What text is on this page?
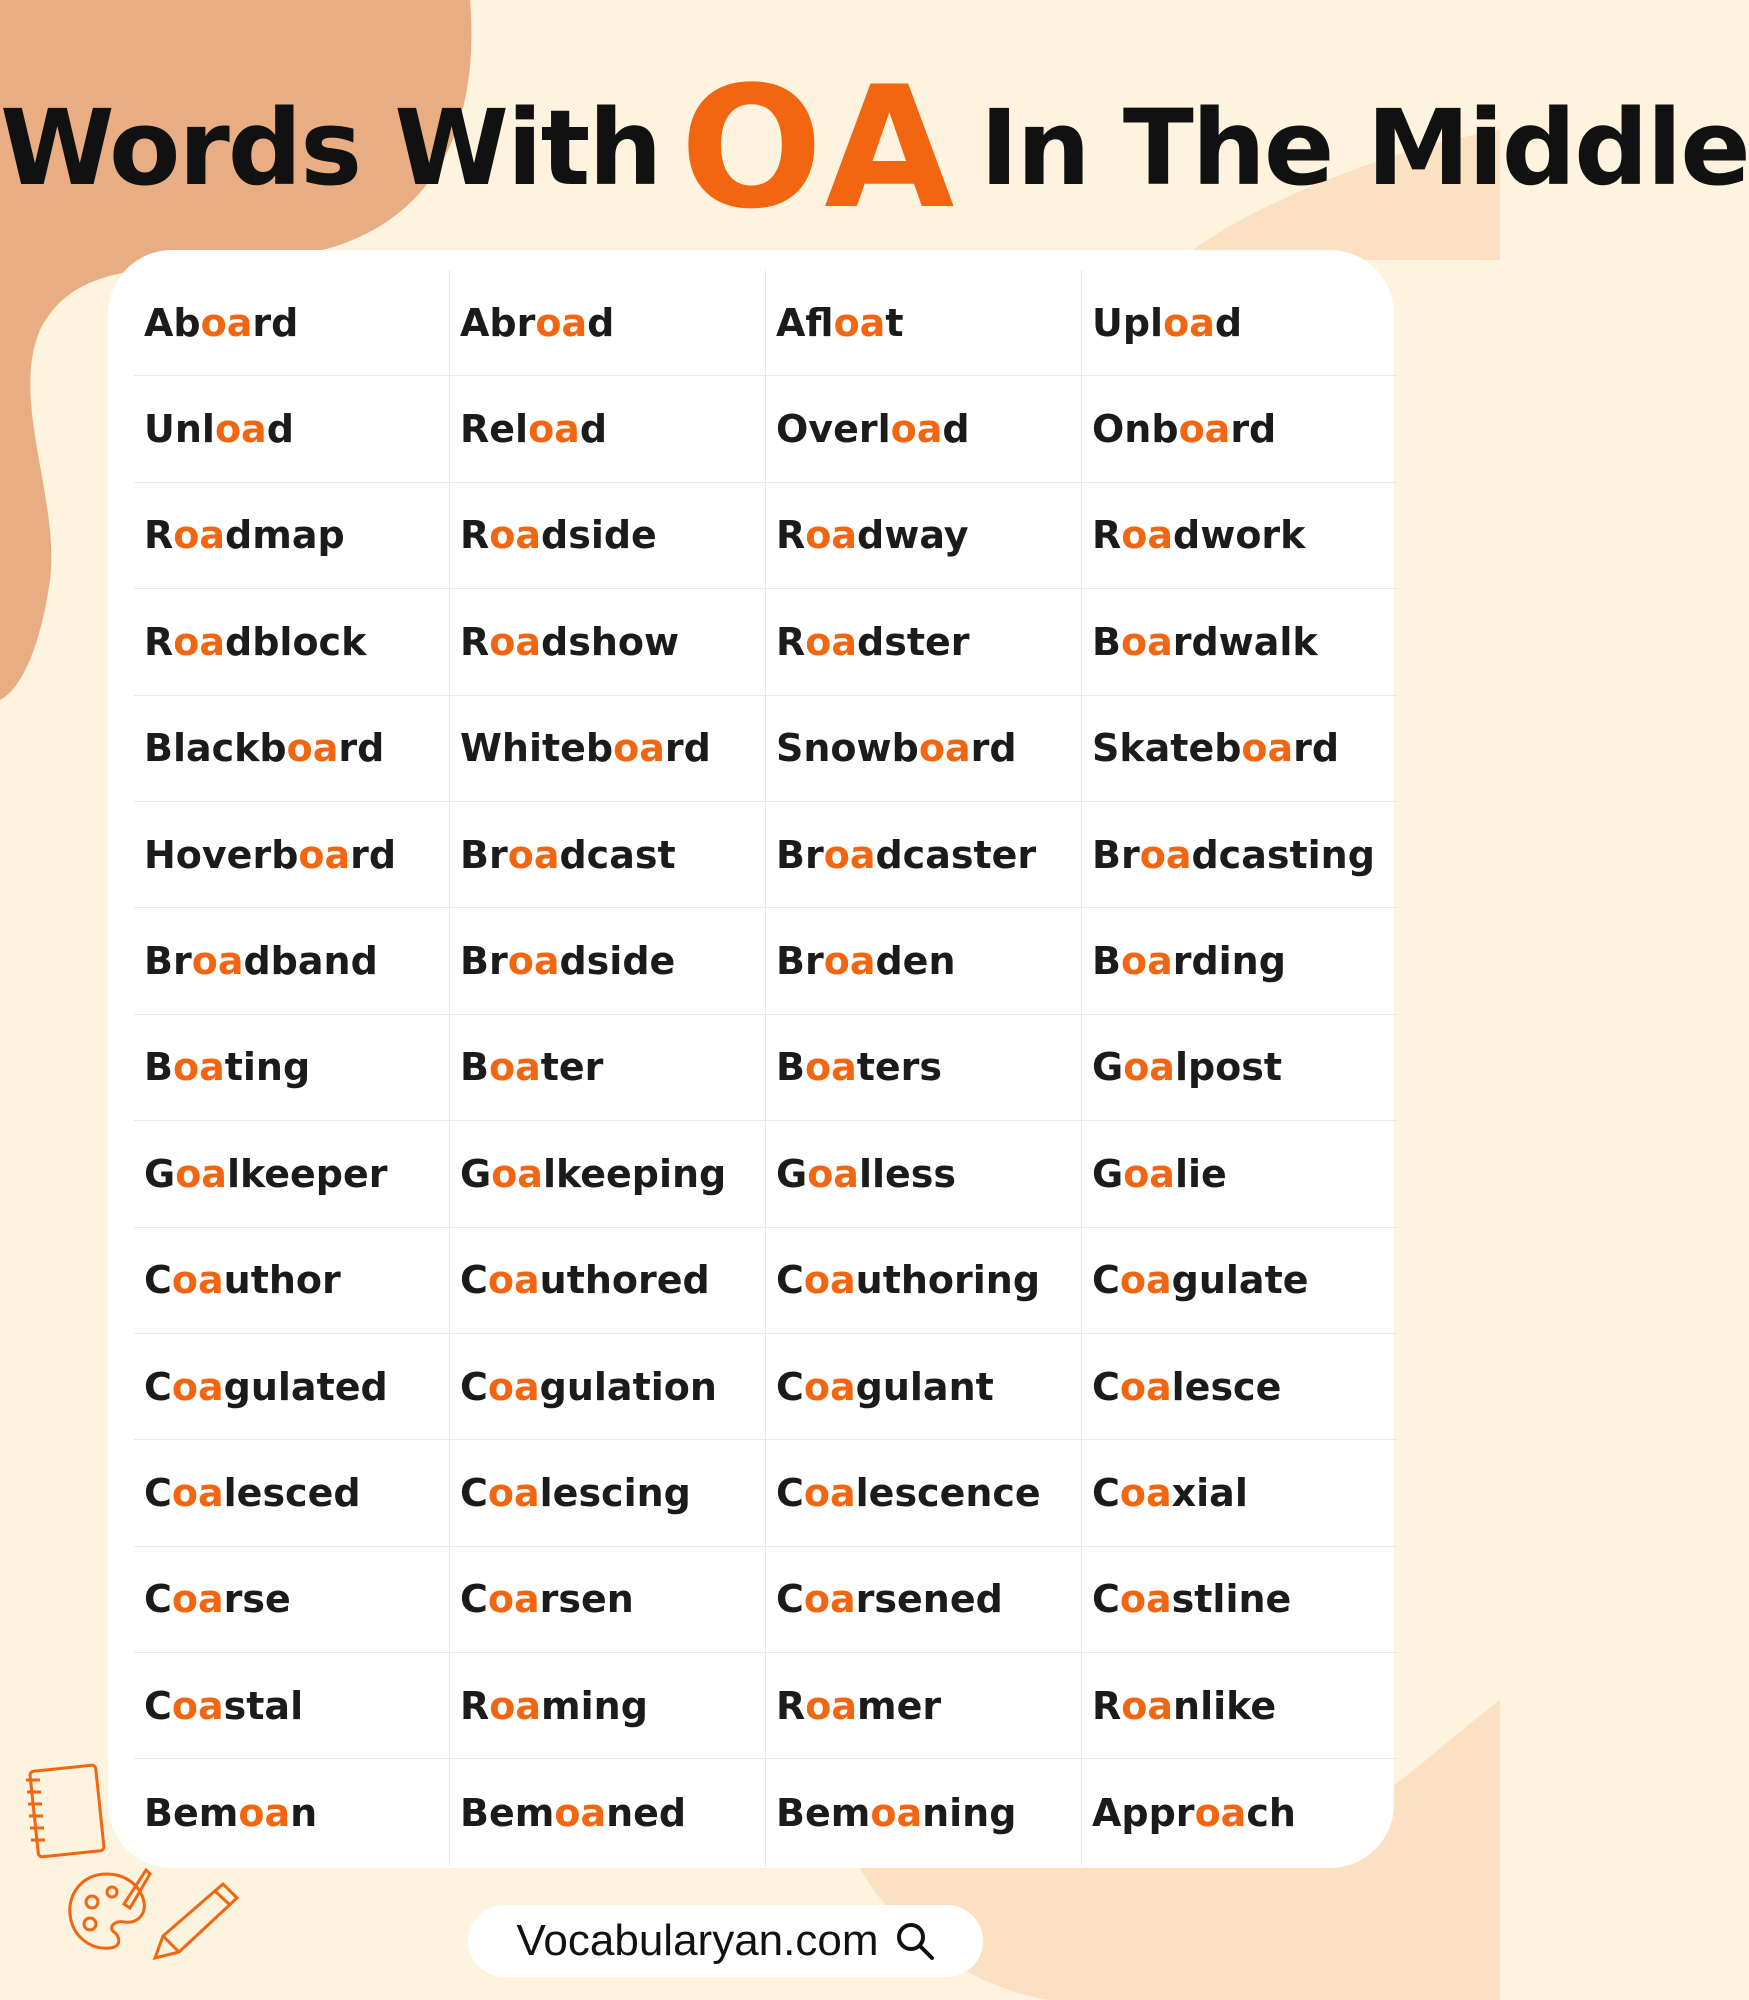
Words With OA In The Middle
Ab oa rd	Abr oa d	Afl oa t	Upl oa d
Unl oa d	Rel oa d	Overl oa d	Onb oa rd
R oa dmap	R oa dside	R oa dway	R oa dwork
R oa dblock	R oa dshow	R oa dster	B oa rdwalk
Blackb oa rd	Whiteb oa rd	Snowb oa rd	Skateb oa rd
Hoverb oa rd	Br oa dcast	Br oa dcaster	Br oa dcasting
Br oa dband	Br oa dside	Br oa den	B oa rding
B oa ting	B oa ter	B oa ters	G oa lpost
G oa lkeeper	G oa lkeeping	G oa lless	G oa lie
C oa uthor	C oa uthored	C oa uthoring	C oa gulate
C oa gulated	C oa gulation	C oa gulant	C oa lesce
C oa lesced	C oa lescing	C oa lescence	C oa xial
C oa rse	C oa rsen	C oa rsened	C oa stline
C oa stal	R oa ming	R oa mer	R oa nlike
Bem oa n	Bem oa ned	Bem oa ning	Appr oa ch
Vocabularyan.com
